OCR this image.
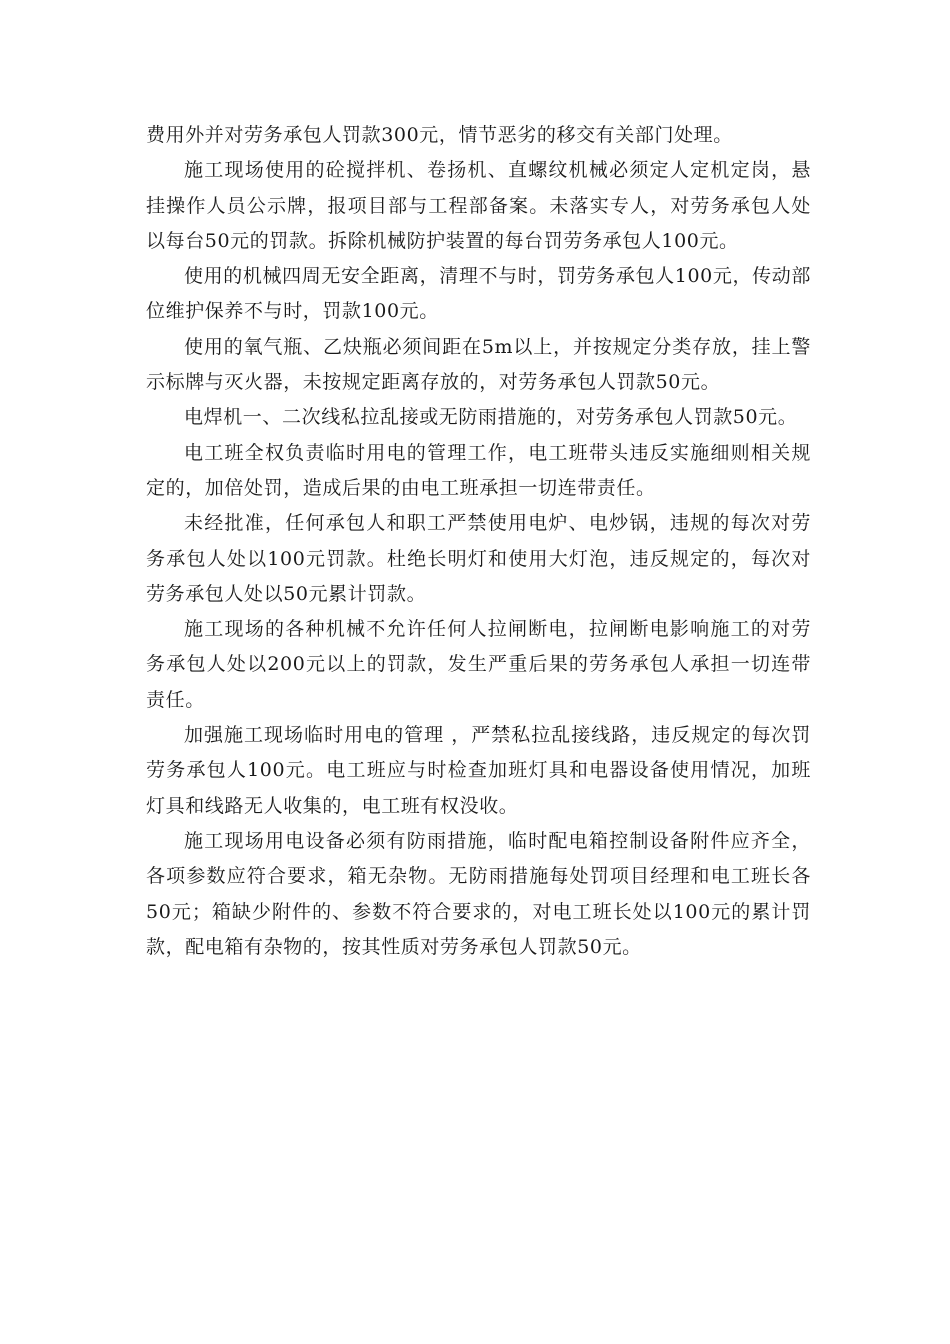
费用外并对劳务承包人罚款300元，情节恶劣的移交有关部门处理。

施工现场使用的砼搅拌机、卷扬机、直螺纹机械必须定人定机定岗，悬挂操作人员公示牌，报项目部与工程部备案。未落实专人，对劳务承包人处以每台50元的罚款。拆除机械防护装置的每台罚劳务承包人100元。

使用的机械四周无安全距离，清理不与时，罚劳务承包人100元，传动部位维护保养不与时，罚款100元。

使用的氧气瓶、乙炔瓶必须间距在5m以上，并按规定分类存放，挂上警示标牌与灭火器，未按规定距离存放的，对劳务承包人罚款50元。

电焊机一、二次线私拉乱接或无防雨措施的，对劳务承包人罚款50元。

电工班全权负责临时用电的管理工作，电工班带头违反实施细则相关规定的，加倍处罚，造成后果的由电工班承担一切连带责任。

未经批准，任何承包人和职工严禁使用电炉、电炒锅，违规的每次对劳务承包人处以100元罚款。杜绝长明灯和使用大灯泡，违反规定的，每次对劳务承包人处以50元累计罚款。

施工现场的各种机械不允许任何人拉闸断电，拉闸断电影响施工的对劳务承包人处以200元以上的罚款，发生严重后果的劳务承包人承担一切连带责任。

加强施工现场临时用电的管理 ，严禁私拉乱接线路，违反规定的每次罚劳务承包人100元。电工班应与时检查加班灯具和电器设备使用情况，加班灯具和线路无人收集的，电工班有权没收。

施工现场用电设备必须有防雨措施，临时配电箱控制设备附件应齐全，各项参数应符合要求，箱无杂物。无防雨措施每处罚项目经理和电工班长各50元；箱缺少附件的、参数不符合要求的，对电工班长处以100元的累计罚款，配电箱有杂物的，按其性质对劳务承包人罚款50元。
